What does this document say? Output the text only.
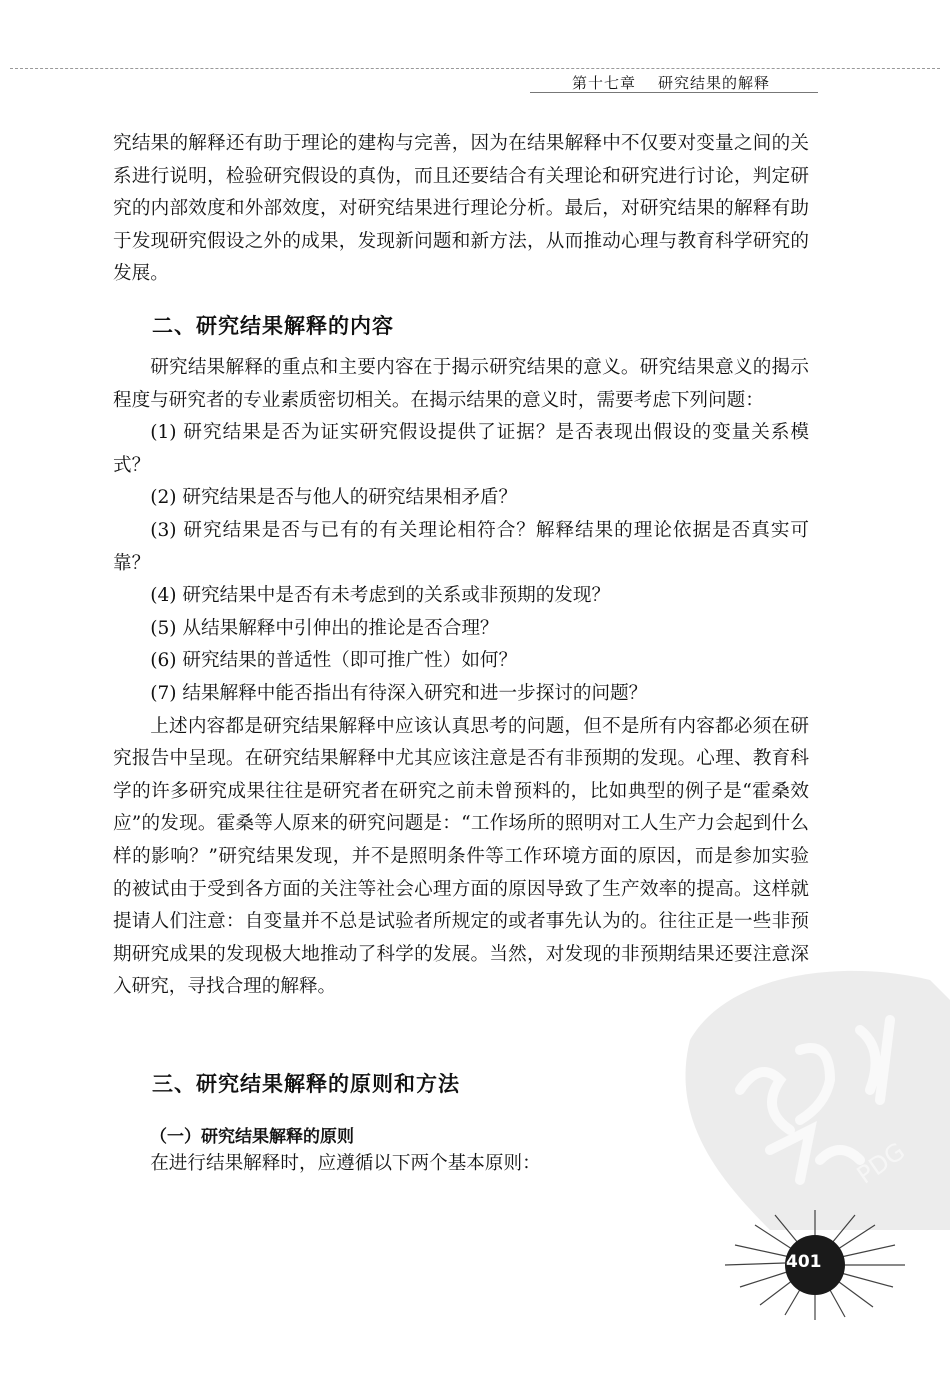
第十七章 研究结果的解释

究结果的解释还有助于理论的建构与完善，因为在结果解释中不仅要对变量之间的关系进行说明，检验研究假设的真伪，而且还要结合有关理论和研究进行讨论，判定研究的内部效度和外部效度，对研究结果进行理论分析。最后，对研究结果的解释有助于发现研究假设之外的成果，发现新问题和新方法，从而推动心理与教育科学研究的发展。

二、研究结果解释的内容

研究结果解释的重点和主要内容在于揭示研究结果的意义。研究结果意义的揭示程度与研究者的专业素质密切相关。在揭示结果的意义时，需要考虑下列问题：

(1) 研究结果是否为证实研究假设提供了证据？是否表现出假设的变量关系模式？

(2) 研究结果是否与他人的研究结果相矛盾？

(3) 研究结果是否与已有的有关理论相符合？解释结果的理论依据是否真实可靠？

(4) 研究结果中是否有未考虑到的关系或非预期的发现？

(5) 从结果解释中引伸出的推论是否合理？

(6) 研究结果的普适性（即可推广性）如何？

(7) 结果解释中能否指出有待深入研究和进一步探讨的问题？

上述内容都是研究结果解释中应该认真思考的问题，但不是所有内容都必须在研究报告中呈现。在研究结果解释中尤其应该注意是否有非预期的发现。心理、教育科学的许多研究成果往往是研究者在研究之前未曾预料的，比如典型的例子是“霍桑效应”的发现。霍桑等人原来的研究问题是：“工作场所的照明对工人生产力会起到什么样的影响？”研究结果发现，并不是照明条件等工作环境方面的原因，而是参加实验的被试由于受到各方面的关注等社会心理方面的原因导致了生产效率的提高。这样就提请人们注意：自变量并不总是试验者所规定的或者事先认为的。往往正是一些非预期研究成果的发现极大地推动了科学的发展。当然，对发现的非预期结果还要注意深入研究，寻找合理的解释。

三、研究结果解释的原则和方法
（一）研究结果解释的原则

在进行结果解释时，应遵循以下两个基本原则：	PDG
401
